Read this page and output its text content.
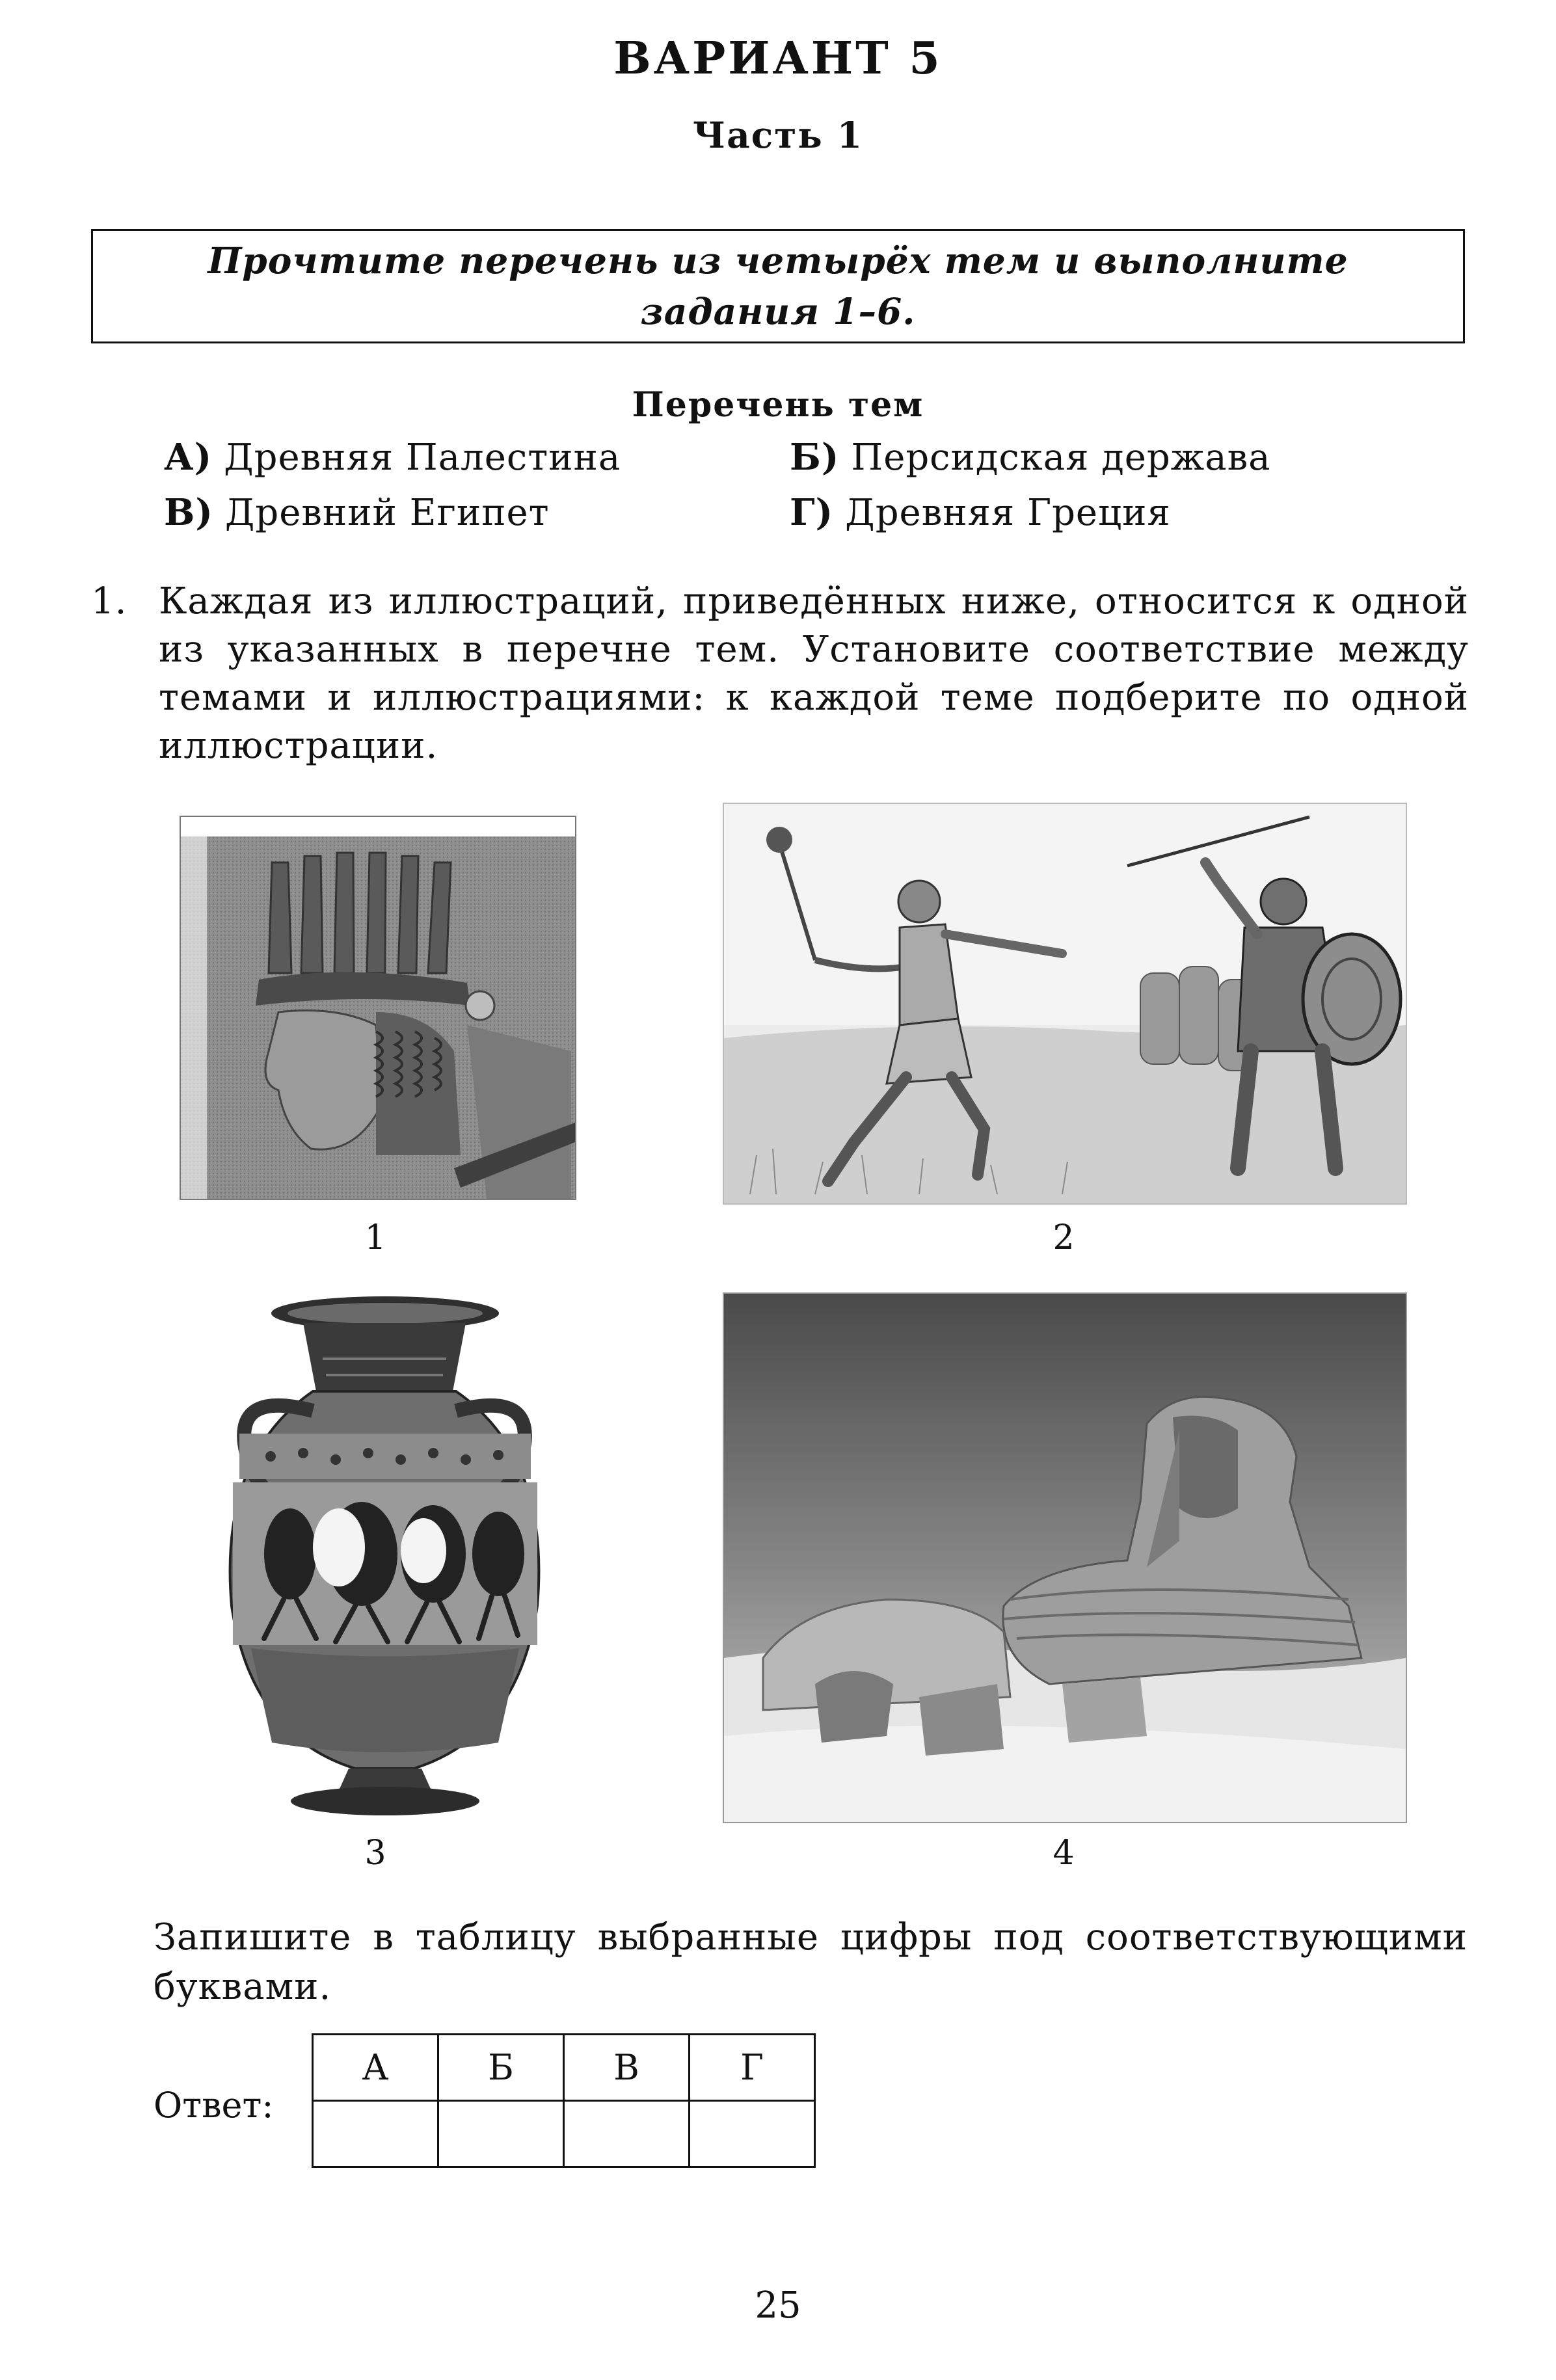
ВАРИАНТ 5
Часть 1
Прочтите перечень из четырёх тем и выполните задания 1–6.
Перечень тем
А) Древняя Палестина	Б) Персидская держава
В) Древний Египет	Г) Древняя Греция
1. Каждая из иллюстраций, приведённых ниже, относится к одной из указанных в перечне тем. Установите соответствие между темами и иллюстрациями: к каждой теме подберите по одной иллюстрации.
1	2
3	4
Запишите в таблицу выбранные цифры под соответствующими буквами.
Ответ:
А	Б	В	Г

25
